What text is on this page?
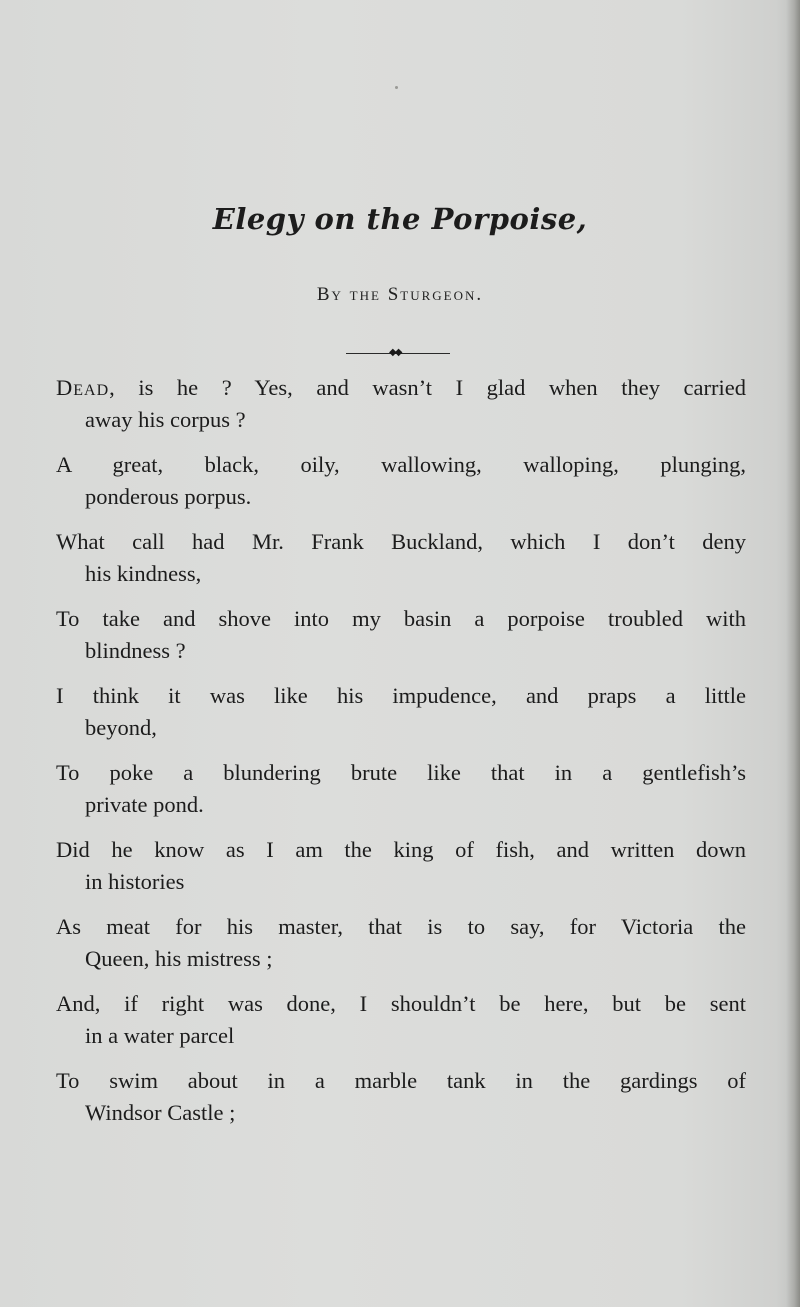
Elegy on the Porpoise,
By the Sturgeon.
◆◆
Dead, is he ? Yes, and wasn’t I glad when they carried
away his corpus ?
A great, black, oily, wallowing, walloping, plunging,
ponderous porpus.
What call had Mr. Frank Buckland, which I don’t deny
his kindness,
To take and shove into my basin a porpoise troubled with
blindness ?
I think it was like his impudence, and praps a little
beyond,
To poke a blundering brute like that in a gentlefish’s
private pond.
Did he know as I am the king of fish, and written down
in histories
As meat for his master, that is to say, for Victoria the
Queen, his mistress ;
And, if right was done, I shouldn’t be here, but be sent
in a water parcel
To swim about in a marble tank in the gardings of
Windsor Castle ;
